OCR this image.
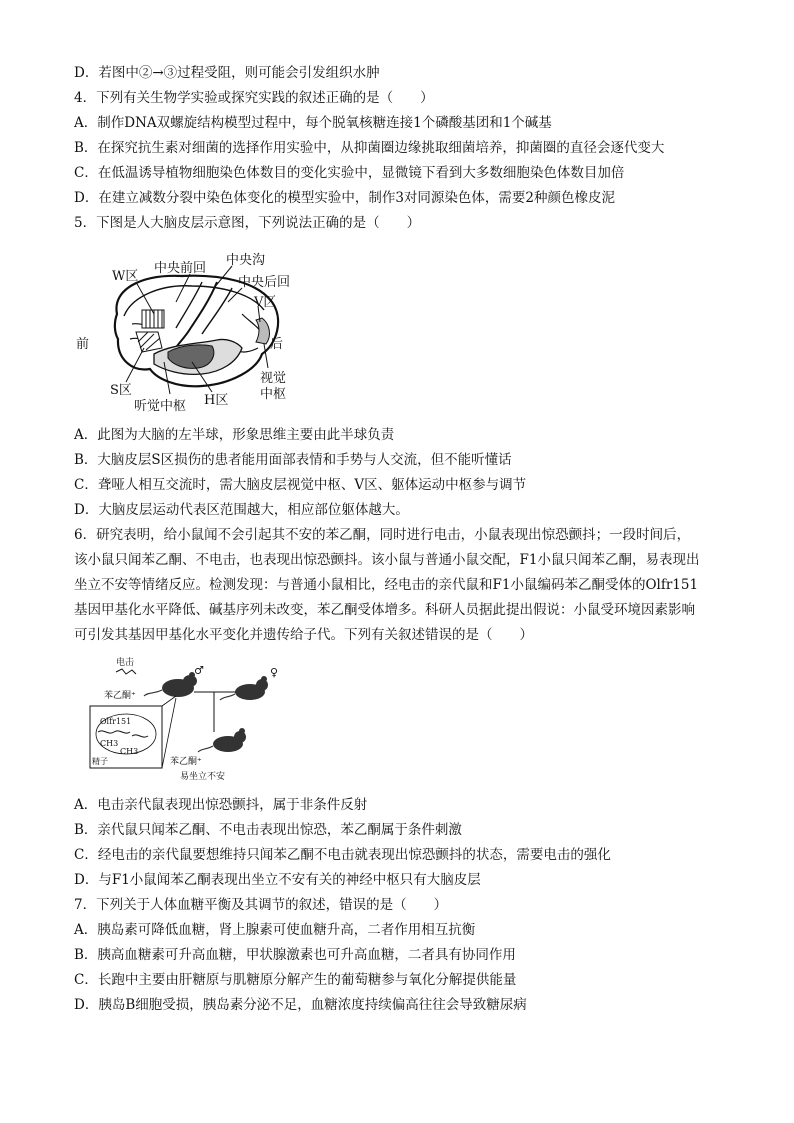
D．若图中②→③过程受阻，则可能会引发组织水肿
4．下列有关生物学实验或探究实践的叙述正确的是（　　）
A．制作DNA双螺旋结构模型过程中，每个脱氧核糖连接1个磷酸基团和1个碱基
B．在探究抗生素对细菌的选择作用实验中，从抑菌圈边缘挑取细菌培养，抑菌圈的直径会逐代变大
C．在低温诱导植物细胞染色体数目的变化实验中，显微镜下看到大多数细胞染色体数目加倍
D．在建立减数分裂中染色体变化的模型实验中，制作3对同源染色体，需要2种颜色橡皮泥
5．下图是人大脑皮层示意图，下列说法正确的是（　　）
W区
中央前回
中央沟
中央后回
V区
前	后
S区
听觉中枢 H区
视觉
中枢
A．此图为大脑的左半球，形象思维主要由此半球负责
B．大脑皮层S区损伤的患者能用面部表情和手势与人交流，但不能听懂话
C．聋哑人相互交流时，需大脑皮层视觉中枢、V区、躯体运动中枢参与调节
D．大脑皮层运动代表区范围越大，相应部位躯体越大。
6．研究表明，给小鼠闻不会引起其不安的苯乙酮，同时进行电击，小鼠表现出惊恐颤抖；一段时间后，
该小鼠只闻苯乙酮、不电击，也表现出惊恐颤抖。该小鼠与普通小鼠交配，F1小鼠只闻苯乙酮，易表现出
坐立不安等情绪反应。检测发现：与普通小鼠相比，经电击的亲代鼠和F1小鼠编码苯乙酮受体的Olfr151
基因甲基化水平降低、碱基序列未改变，苯乙酮受体增多。科研人员据此提出假说：小鼠受环境因素影响
可引发其基因甲基化水平变化并遗传给子代。下列有关叙述错误的是（　　）
电击
苯乙酮⁺
♂	♀
Olfr151
CH3
CH3
精子	苯乙酮⁺
易坐立不安
A．电击亲代鼠表现出惊恐颤抖，属于非条件反射
B．亲代鼠只闻苯乙酮、不电击表现出惊恐，苯乙酮属于条件刺激
C．经电击的亲代鼠要想维持只闻苯乙酮不电击就表现出惊恐颤抖的状态，需要电击的强化
D．与F1小鼠闻苯乙酮表现出坐立不安有关的神经中枢只有大脑皮层
7．下列关于人体血糖平衡及其调节的叙述，错误的是（　　）
A．胰岛素可降低血糖，肾上腺素可使血糖升高，二者作用相互抗衡
B．胰高血糖素可升高血糖，甲状腺激素也可升高血糖，二者具有协同作用
C．长跑中主要由肝糖原与肌糖原分解产生的葡萄糖参与氧化分解提供能量
D．胰岛B细胞受损，胰岛素分泌不足，血糖浓度持续偏高往往会导致糖尿病
